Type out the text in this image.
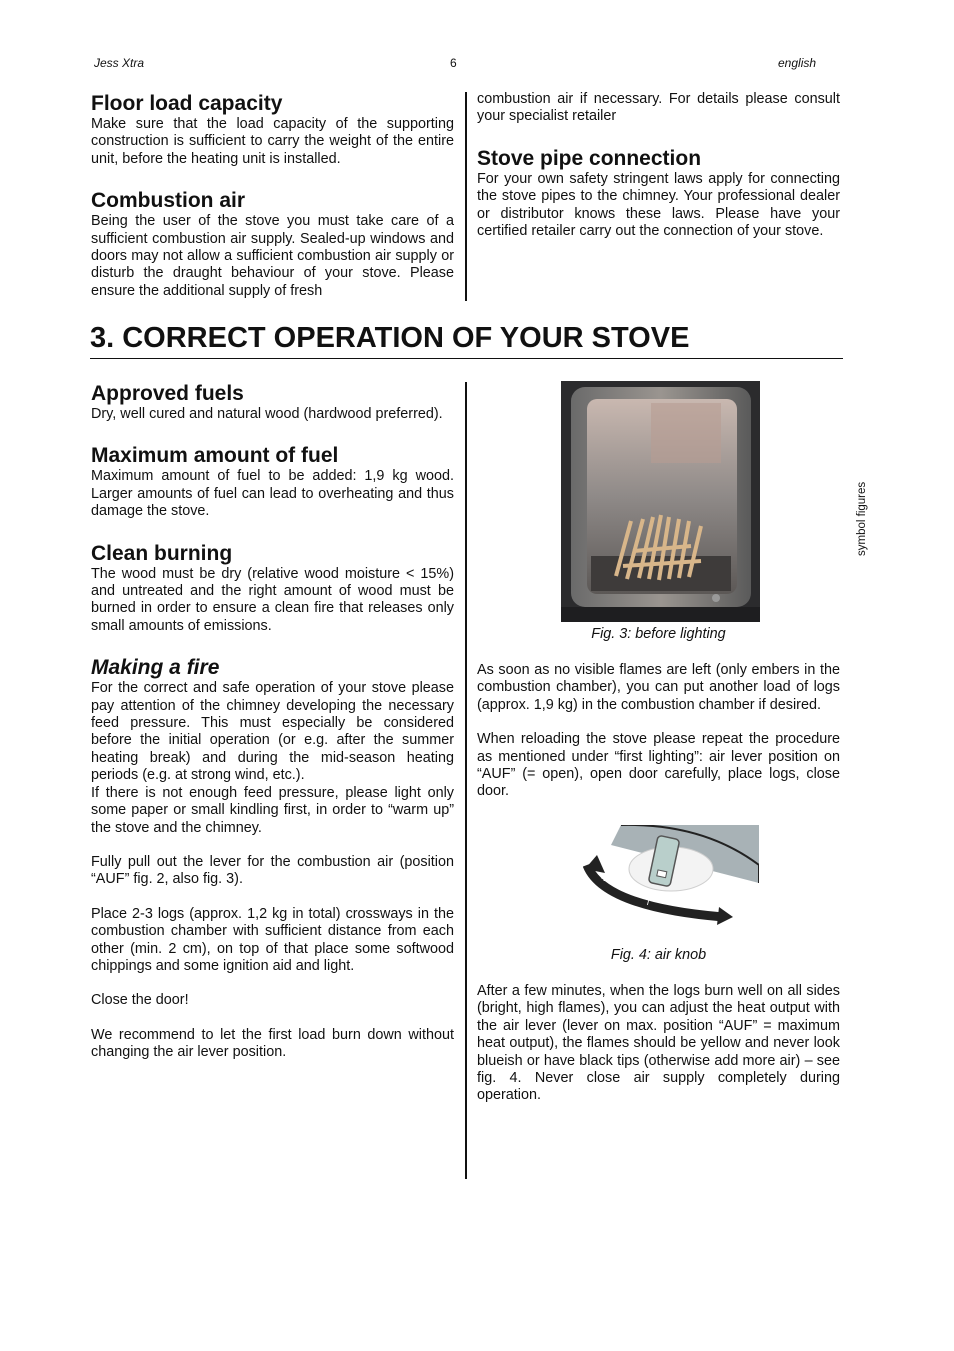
Jess Xtra	6	english
Floor load capacity

Make sure that the load capacity of the supporting construction is sufficient to carry the weight of the entire unit, before the heating unit is installed.

Combustion air

Being the user of the stove you must take care of a sufficient combustion air supply. Sealed-up windows and doors may not allow a sufficient combustion air supply or disturb the draught behaviour of your stove. Please ensure the additional supply of fresh

combustion air if necessary. For details please consult your specialist retailer

Stove pipe connection

For your own safety stringent laws apply for connecting the stove pipes to the chimney. Your professional dealer or distributor knows these laws. Please have your certified retailer carry out the connection of your stove.

3. CORRECT OPERATION OF YOUR STOVE
Approved fuels

Dry, well cured and natural wood (hardwood preferred).

Maximum amount of fuel

Maximum amount of fuel to be added: 1,9 kg wood. Larger amounts of fuel can lead to overheating and thus damage the stove.

Clean burning

The wood must be dry (relative wood moisture < 15%) and untreated and the right amount of wood must be burned in order to ensure a clean fire that releases only small amounts of emissions.

Making a fire

For the correct and safe operation of your stove please pay attention of the chimney developing the necessary feed pressure. This must especially be considered before the initial operation (or e.g. after the summer heating break) and during the mid-season heating periods (e.g. at strong wind, etc.).

If there is not enough feed pressure, please light only some paper or small kindling first, in order to “warm up” the stove and the chimney.

Fully pull out the lever for the combustion air (position “AUF” fig. 2, also fig. 3).

Place 2-3 logs (approx. 1,2 kg in total) crossways in the combustion chamber with sufficient distance from each other (min. 2 cm), on top of that place some softwood chippings and some ignition aid and light.

Close the door!

We recommend to let the first load burn down without changing the air lever position.

Fig. 3: before lighting

As soon as no visible flames are left (only embers in the combustion chamber), you can put another load of logs (approx. 1,9 kg) in the combustion chamber if desired.

When reloading the stove please repeat the procedure as mentioned under “first lighting”: air lever position on “AUF” (= open), open door carefully, place logs, close door.

+
/
–
Fig. 4: air knob

After a few minutes, when the logs burn well on all sides (bright, high flames), you can adjust the heat output with the air lever (lever on max. position “AUF” = maximum heat output), the flames should be yellow and never look blueish or have black tips (otherwise add more air) – see fig. 4. Never close air supply completely during operation.

symbol figures
